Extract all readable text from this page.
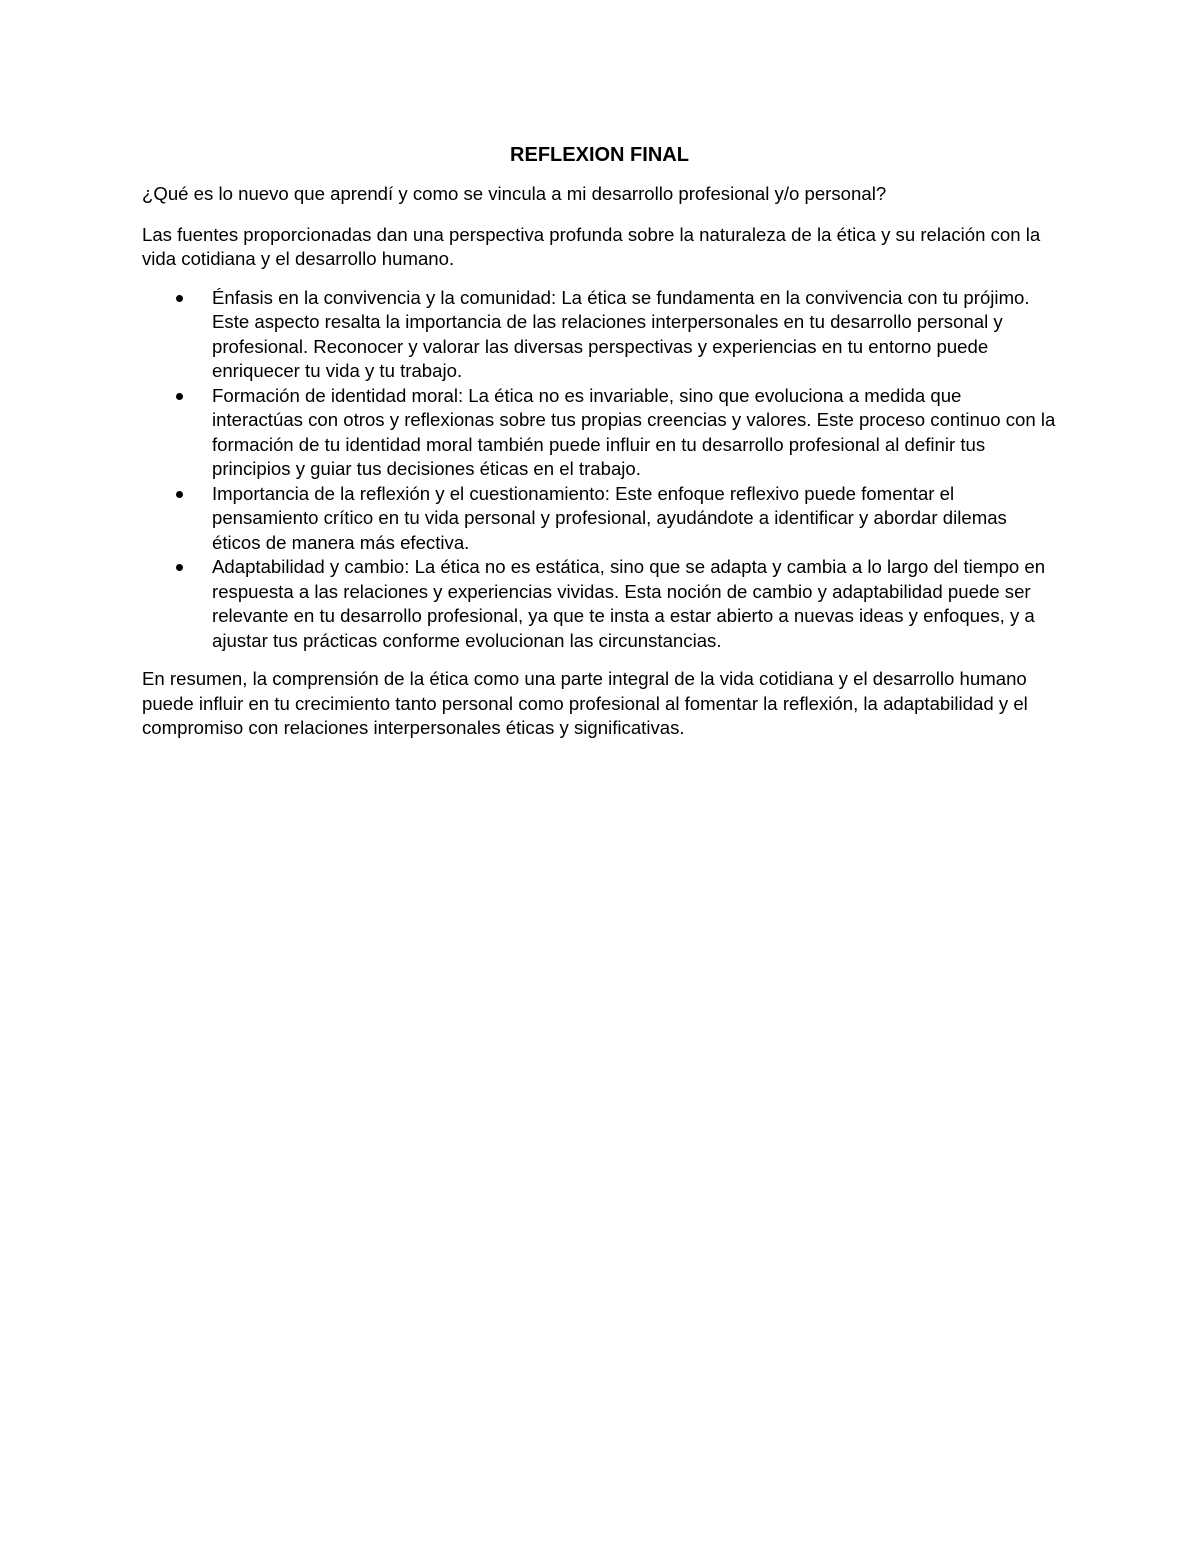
REFLEXION FINAL

¿Qué es lo nuevo que aprendí y como se vincula a mi desarrollo profesional y/o personal?

Las fuentes proporcionadas dan una perspectiva profunda sobre la naturaleza de la ética y su relación con la vida cotidiana y el desarrollo humano.

Énfasis en la convivencia y la comunidad: La ética se fundamenta en la convivencia con tu prójimo. Este aspecto resalta la importancia de las relaciones interpersonales en tu desarrollo personal y profesional. Reconocer y valorar las diversas perspectivas y experiencias en tu entorno puede enriquecer tu vida y tu trabajo.
Formación de identidad moral: La ética no es invariable, sino que evoluciona a medida que interactúas con otros y reflexionas sobre tus propias creencias y valores. Este proceso continuo con la formación de tu identidad moral también puede influir en tu desarrollo profesional al definir tus principios y guiar tus decisiones éticas en el trabajo.
Importancia de la reflexión y el cuestionamiento: Este enfoque reflexivo puede fomentar el pensamiento crítico en tu vida personal y profesional, ayudándote a identificar y abordar dilemas éticos de manera más efectiva.
Adaptabilidad y cambio: La ética no es estática, sino que se adapta y cambia a lo largo del tiempo en respuesta a las relaciones y experiencias vividas. Esta noción de cambio y adaptabilidad puede ser relevante en tu desarrollo profesional, ya que te insta a estar abierto a nuevas ideas y enfoques, y a ajustar tus prácticas conforme evolucionan las circunstancias.

En resumen, la comprensión de la ética como una parte integral de la vida cotidiana y el desarrollo humano puede influir en tu crecimiento tanto personal como profesional al fomentar la reflexión, la adaptabilidad y el compromiso con relaciones interpersonales éticas y significativas.
